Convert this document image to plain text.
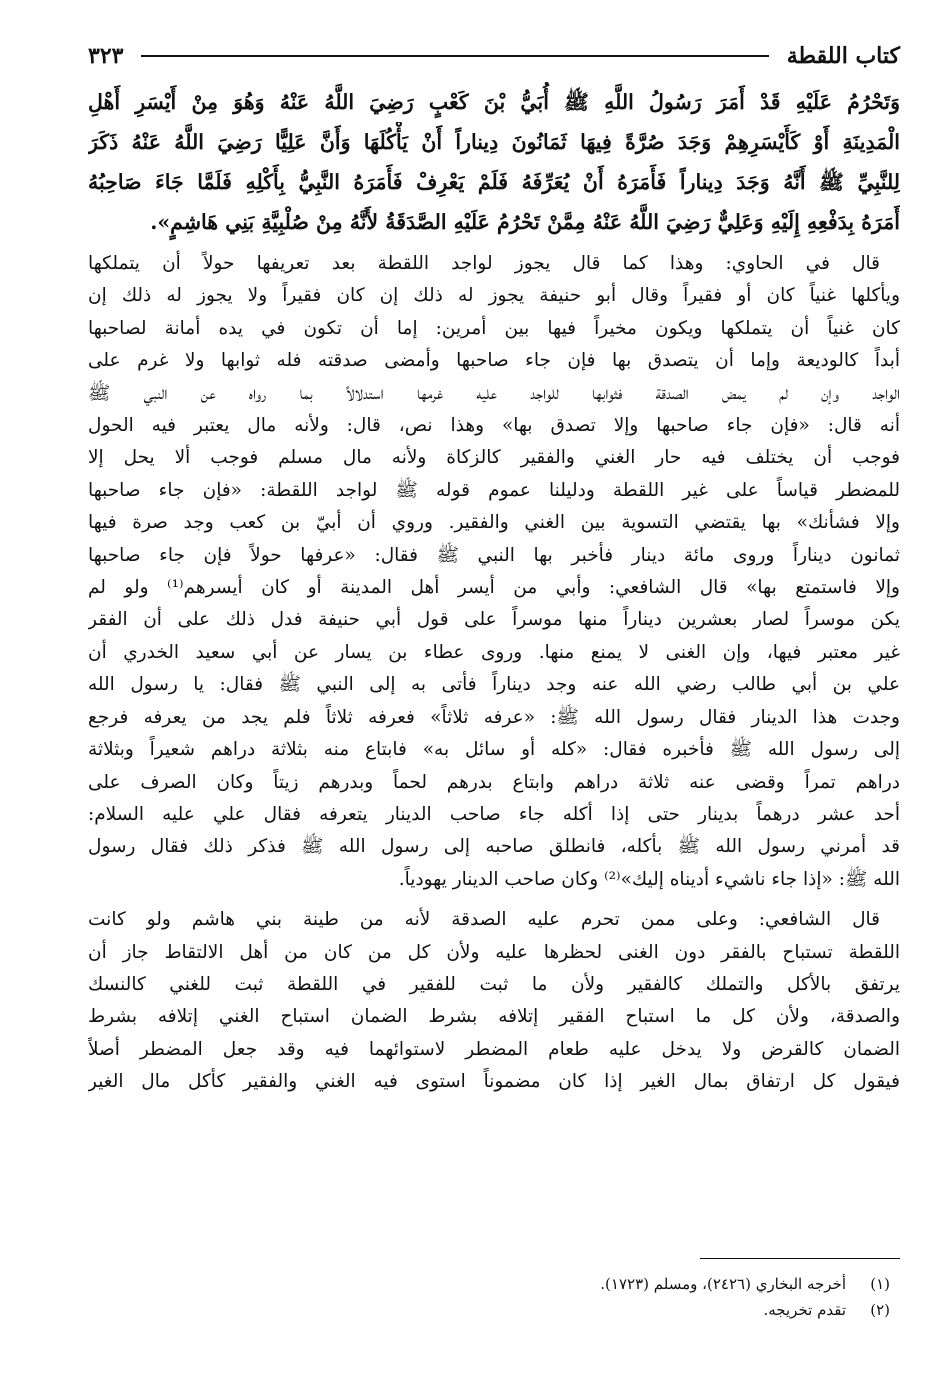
كتاب اللقطة
٣٢٣
وَتَحْرُمُ عَلَيْهِ قَدْ أَمَرَ رَسُولُ اللَّهِ ﷺ أُبَيُّ بْنَ كَعْبٍ رَضِيَ اللَّهُ عَنْهُ وَهُوَ مِنْ أَيْسَرِ أَهْلِ
الْمَدِينَةِ أَوْ كَأَيْسَرِهِمْ وَجَدَ صُرَّةً فِيهَا ثَمَانُونَ دِيناراً أَنْ يَأْكُلَهَا وَأَنَّ عَلِيًّا رَضِيَ اللَّهُ عَنْهُ ذَكَرَ
لِلنَّبِيِّ ﷺ أَنَّهُ وَجَدَ دِيناراً فَأَمَرَهُ أَنْ يُعَرِّفَهُ فَلَمْ يَعْرِفْ فَأَمَرَهُ النَّبِيُّ بِأَكْلِهِ فَلَمَّا جَاءَ صَاحِبُهُ
أَمَرَهُ بِدَفْعِهِ إِلَيْهِ وَعَلِيٌّ رَضِيَ اللَّهُ عَنْهُ مِمَّنْ تَحْرُمُ عَلَيْهِ الصَّدَقَةُ لأَنَّهُ مِنْ صُلْبِيَّةِ بَنِي هَاشِمٍ».
قال في الحاوي: وهذا كما قال يجوز لواجد اللقطة بعد تعريفها حولاً أن يتملكها
ويأكلها غنياً كان أو فقيراً وقال أبو حنيفة يجوز له ذلك إن كان فقيراً ولا يجوز له ذلك إن
كان غنياً أن يتملكها ويكون مخيراً فيها بين أمرين: إما أن تكون في يده أمانة لصاحبها
أبداً كالوديعة وإما أن يتصدق بها فإن جاء صاحبها وأمضى صدقته فله ثوابها ولا غرم على
الواجد وإن لم يمض الصدقة فثوابها للواجد عليه غرمها استدلالاً بما رواه عن النبي ﷺ
أنه قال: «فإن جاء صاحبها وإلا تصدق بها» وهذا نص، قال: ولأنه مال يعتبر فيه الحول
فوجب أن يختلف فيه حار الغني والفقير كالزكاة ولأنه مال مسلم فوجب ألا يحل إلا
للمضطر قياساً على غير اللقطة ودليلنا عموم قوله ﷺ لواجد اللقطة: «فإن جاء صاحبها
وإلا فشأنك» بها يقتضي التسوية بين الغني والفقير. وروي أن أبيّ بن كعب وجد صرة فيها
ثمانون ديناراً وروى مائة دينار فأخبر بها النبي ﷺ فقال: «عرفها حولاً فإن جاء صاحبها
وإلا فاستمتع بها» قال الشافعي: وأبي من أيسر أهل المدينة أو كان أيسرهم⁽¹⁾ ولو لم
يكن موسراً لصار بعشرين ديناراً منها موسراً على قول أبي حنيفة فدل ذلك على أن الفقر
غير معتبر فيها، وإن الغنى لا يمنع منها. وروى عطاء بن يسار عن أبي سعيد الخدري أن
علي بن أبي طالب رضي الله عنه وجد ديناراً فأتى به إلى النبي ﷺ فقال: يا رسول الله
وجدت هذا الدينار فقال رسول الله ﷺ: «عرفه ثلاثاً» فعرفه ثلاثاً فلم يجد من يعرفه فرجع
إلى رسول الله ﷺ فأخبره فقال: «كله أو سائل به» فابتاع منه بثلاثة دراهم شعيراً وبثلاثة
دراهم تمراً وقضى عنه ثلاثة دراهم وابتاع بدرهم لحماً وبدرهم زيتاً وكان الصرف على
أحد عشر درهماً بدينار حتى إذا أكله جاء صاحب الدينار يتعرفه فقال علي عليه السلام:
قد أمرني رسول الله ﷺ بأكله، فانطلق صاحبه إلى رسول الله ﷺ فذكر ذلك فقال رسول
الله ﷺ: «إذا جاء ناشيء أديناه إليك»⁽²⁾ وكان صاحب الدينار يهودياً.
قال الشافعي: وعلى ممن تحرم عليه الصدقة لأنه من طينة بني هاشم ولو كانت
اللقطة تستباح بالفقر دون الغنى لحظرها عليه ولأن كل من كان من أهل الالتقاط جاز أن
يرتفق بالأكل والتملك كالفقير ولأن ما ثبت للفقير في اللقطة ثبت للغني كالنسك
والصدقة، ولأن كل ما استباح الفقير إتلافه بشرط الضمان استباح الغني إتلافه بشرط
الضمان كالقرض ولا يدخل عليه طعام المضطر لاستوائهما فيه وقد جعل المضطر أصلاً
فيقول كل ارتفاق بمال الغير إذا كان مضموناً استوى فيه الغني والفقير كأكل مال الغير
(١)
أخرجه البخاري (٢٤٢٦)، ومسلم (١٧٢٣).
(٢)
تقدم تخريجه.
